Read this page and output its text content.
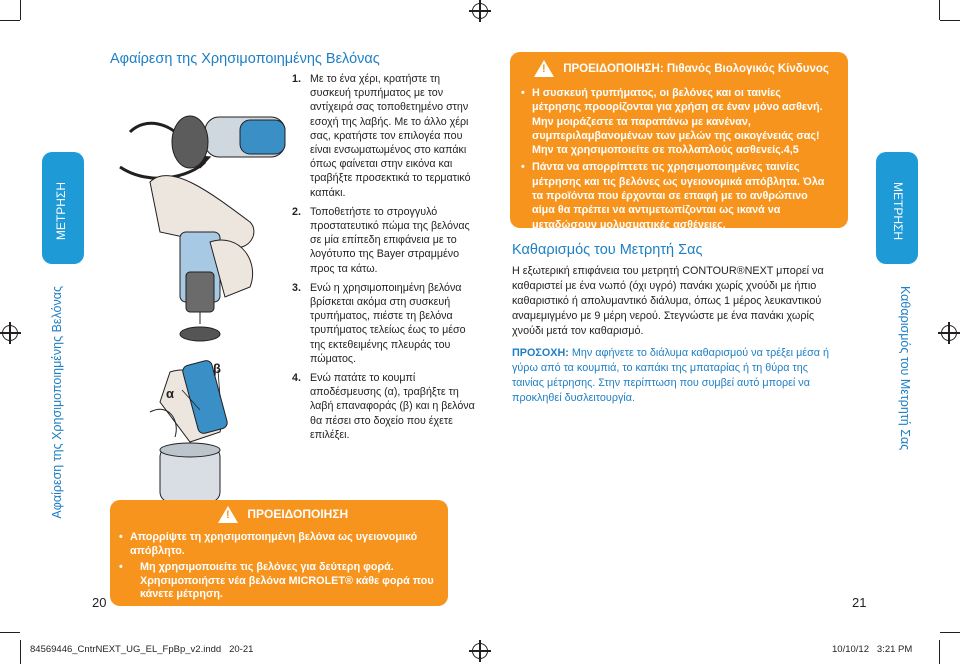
ΜΕΤΡΗΣΗ
Αφαίρεση της Χρησιμοποιημένης Βελόνας
Αφαίρεση της Χρησιμοποιημένης Βελόνας
α
β
1. Με το ένα χέρι, κρατήστε τη συσκευή τρυπήματος με τον αντίχειρά σας τοποθετημένο στην εσοχή της λαβής. Με το άλλο χέρι σας, κρατήστε τον επιλογέα που είναι ενσωματωμένος στο καπάκι όπως φαίνεται στην εικόνα και τραβήξτε προσεκτικά το τερματικό καπάκι.
2. Τοποθετήστε το στρογγυλό προστατευτικό πώμα της βελόνας σε μία επίπεδη επιφάνεια με το λογότυπο της Bayer στραμμένο προς τα κάτω.
3. Ενώ η χρησιμοποιημένη βελόνα βρίσκεται ακόμα στη συσκευή τρυπήματος, πιέστε τη βελόνα τρυπήματος τελείως έως το μέσο της εκτεθειμένης πλευράς του πώματος.
4. Ενώ πατάτε το κουμπί αποδέσμευσης (α), τραβήξτε τη λαβή επαναφοράς (β) και η βελόνα θα πέσει στο δοχείο που έχετε επιλέξει.
! ΠΡΟΕΙΔΟΠΟΙΗΣΗ
• Απορρίψτε τη χρησιμοποιημένη βελόνα ως υγειονομικό απόβλητο.
• Μη χρησιμοποιείτε τις βελόνες για δεύτερη φορά. Χρησιμοποιήστε νέα βελόνα MICROLET® κάθε φορά που κάνετε μέτρηση.
20
! ΠΡΟΕΙΔΟΠΟΙΗΣΗ: Πιθανός Βιολογικός Κίνδυνος
• Η συσκευή τρυπήματος, οι βελόνες και οι ταινίες μέτρησης προορίζονται για χρήση σε έναν μόνο ασθενή. Μην μοιράζεστε τα παραπάνω με κανέναν, συμπεριλαμβανομένων των μελών της οικογένειάς σας! Μην τα χρησιμοποιείτε σε πολλαπλούς ασθενείς.4,5
• Πάντα να απορρίπτετε τις χρησιμοποιημένες ταινίες μέτρησης και τις βελόνες ως υγειονομικά απόβλητα. Όλα τα προϊόντα που έρχονται σε επαφή με το ανθρώπινο αίμα θα πρέπει να αντιμετωπίζονται ως ικανά να μεταδώσουν μολυσματικές ασθένειες.
Καθαρισμός του Μετρητή Σας
Η εξωτερική επιφάνεια του μετρητή CONTOUR®NEXT μπορεί να καθαριστεί με ένα νωπό (όχι υγρό) πανάκι χωρίς χνούδι με ήπιο καθαριστικό ή απολυμαντικό διάλυμα, όπως 1 μέρος λευκαντικού αναμεμιγμένο με 9 μέρη νερού. Στεγνώστε με ένα πανάκι χωρίς χνούδι μετά τον καθαρισμό.
ΠΡΟΣΟΧΗ: Μην αφήνετε το διάλυμα καθαρισμού να τρέξει μέσα ή γύρω από τα κουμπιά, το καπάκι της μπαταρίας ή τη θύρα της ταινίας μέτρησης. Στην περίπτωση που συμβεί αυτό μπορεί να προκληθεί δυσλειτουργία.
ΜΕΤΡΗΣΗ
Καθαρισμός του Μετρητή Σας
21
84569446_CntrNEXT_UG_EL_FpBp_v2.indd   20-21	10/10/12   3:21 PM
